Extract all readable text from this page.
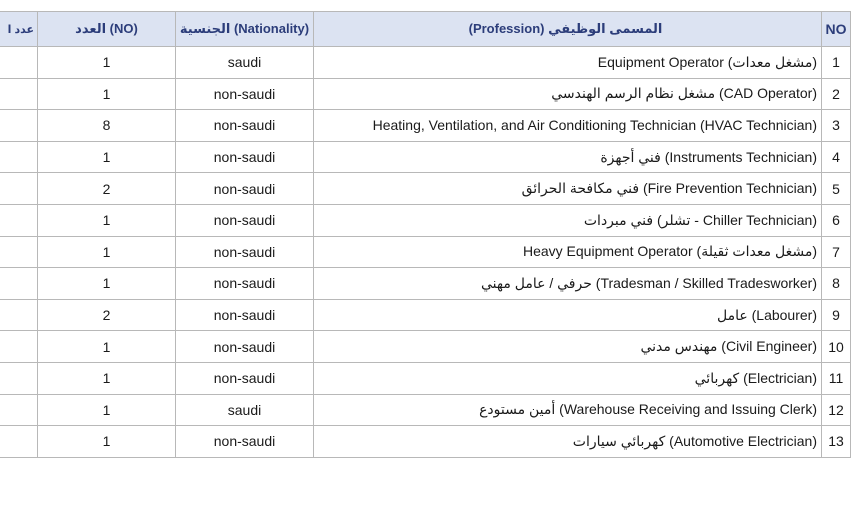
عدد ا	العدد (NO)	الجنسية (Nationality)	المسمى الوظيفي (Profession)	NO
	1	saudi	Equipment Operator (مشغل معدات)	1
	1	non-saudi	مشغل نظام الرسم الهندسي (CAD Operator)	2
	8	non-saudi	Heating, Ventilation, and Air Conditioning Technician (HVAC Technician)	3
	1	non-saudi	فني أجهزة (Instruments Technician)	4
	2	non-saudi	فني مكافحة الحرائق (Fire Prevention Technician)	5
	1	non-saudi	فني مبردات (تشلر - Chiller Technician)	6
	1	non-saudi	Heavy Equipment Operator (مشغل معدات ثقيلة)	7
	1	non-saudi	حرفي / عامل مهني (Tradesman / Skilled Tradesworker)	8
	2	non-saudi	عامل (Labourer)	9
	1	non-saudi	مهندس مدني (Civil Engineer)	10
	1	non-saudi	كهربائي (Electrician)	11
	1	saudi	أمين مستودع (Warehouse Receiving and Issuing Clerk)	12
	1	non-saudi	كهربائي سيارات (Automotive Electrician)	13
